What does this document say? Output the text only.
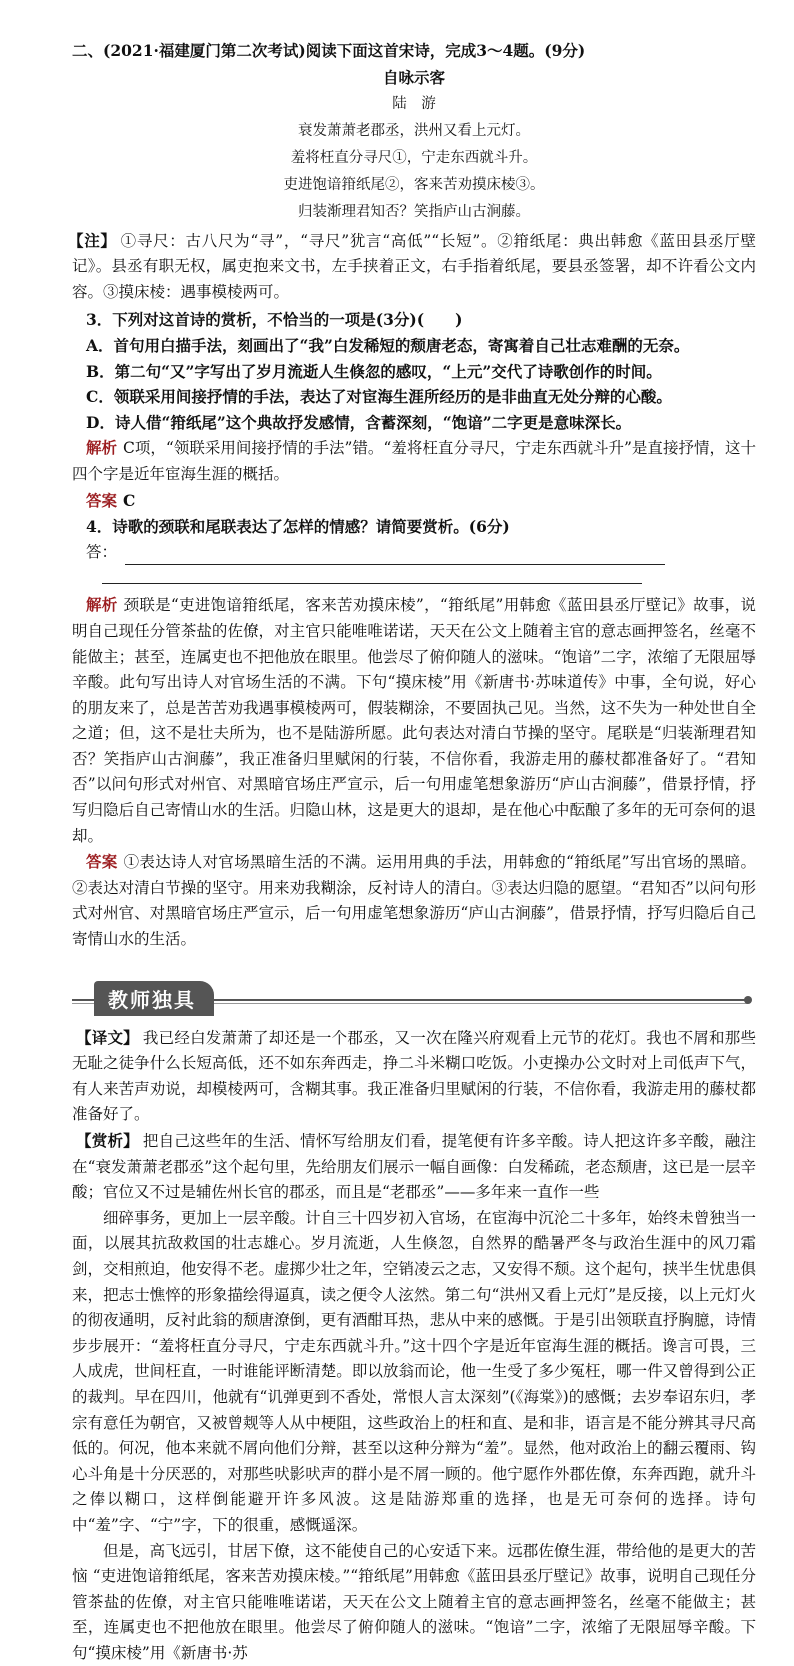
二、(2021·福建厦门第二次考试)阅读下面这首宋诗，完成3～4题。(9分)

自咏示客

陆　游

衰发萧萧老郡丞，洪州又看上元灯。

羞将枉直分寻尺①，宁走东西就斗升。

吏进饱谙箝纸尾②，客来苦劝摸床棱③。

归装渐理君知否？笑指庐山古涧藤。

【注】 ①寻尺：古八尺为“寻”，“寻尺”犹言“高低”“长短”。②箝纸尾：典出韩愈《蓝田县丞厅壁记》。县丞有职无权，属吏抱来文书，左手挟着正文，右手指着纸尾，要县丞签署，却不许看公文内容。③摸床棱：遇事模棱两可。

3．下列对这首诗的赏析，不恰当的一项是(3分)(　　)

A．首句用白描手法，刻画出了“我”白发稀短的颓唐老态，寄寓着自己壮志难酬的无奈。

B．第二句“又”字写出了岁月流逝人生倏忽的感叹，“上元”交代了诗歌创作的时间。

C．领联采用间接抒情的手法，表达了对宦海生涯所经历的是非曲直无处分辩的心酸。

D．诗人借“箝纸尾”这个典故抒发感情，含蓄深刻，“饱谙”二字更是意味深长。

解析 C项，“领联采用间接抒情的手法”错。“羞将枉直分寻尺，宁走东西就斗升”是直接抒情，这十四个字是近年宦海生涯的概括。

答案 C

4．诗歌的颈联和尾联表达了怎样的情感？请简要赏析。(6分)

答：

解析 颈联是“吏进饱谙箝纸尾，客来苦劝摸床棱”，“箝纸尾”用韩愈《蓝田县丞厅壁记》故事，说明自己现任分管茶盐的佐僚，对主官只能唯唯诺诺，天天在公文上随着主官的意志画押签名，丝毫不能做主；甚至，连属吏也不把他放在眼里。他尝尽了俯仰随人的滋味。“饱谙”二字，浓缩了无限屈辱辛酸。此句写出诗人对官场生活的不满。下句“摸床棱”用《新唐书·苏味道传》中事，全句说，好心的朋友来了，总是苦苦劝我遇事模棱两可，假装糊涂，不要固执己见。当然，这不失为一种处世自全之道；但，这不是壮夫所为，也不是陆游所愿。此句表达对清白节操的坚守。尾联是“归装渐理君知否？笑指庐山古涧藤”，我正准备归里赋闲的行装，不信你看，我游走用的藤杖都准备好了。“君知否”以问句形式对州官、对黑暗官场庄严宣示，后一句用虚笔想象游历“庐山古涧藤”，借景抒情，抒写归隐后自己寄情山水的生活。归隐山林，这是更大的退却，是在他心中酝酿了多年的无可奈何的退却。

答案 ①表达诗人对官场黑暗生活的不满。运用用典的手法，用韩愈的“箝纸尾”写出官场的黑暗。②表达对清白节操的坚守。用来劝我糊涂，反衬诗人的清白。③表达归隐的愿望。“君知否”以问句形式对州官、对黑暗官场庄严宣示，后一句用虚笔想象游历“庐山古涧藤”，借景抒情，抒写归隐后自己寄情山水的生活。

教师独具

【译文】 我已经白发萧萧了却还是一个郡丞，又一次在隆兴府观看上元节的花灯。我也不屑和那些无耻之徒争什么长短高低，还不如东奔西走，挣二斗米糊口吃饭。小吏操办公文时对上司低声下气，有人来苦声劝说，却模棱两可，含糊其事。我正准备归里赋闲的行装，不信你看，我游走用的藤杖都准备好了。

【赏析】 把自己这些年的生活、情怀写给朋友们看，提笔便有许多辛酸。诗人把这许多辛酸，融注在“衰发萧萧老郡丞”这个起句里，先给朋友们展示一幅自画像：白发稀疏，老态颓唐，这已是一层辛酸；官位又不过是辅佐州长官的郡丞，而且是“老郡丞”——多年来一直作一些

细碎事务，更加上一层辛酸。计自三十四岁初入官场，在宦海中沉沦二十多年，始终未曾独当一面，以展其抗敌救国的壮志雄心。岁月流逝，人生倏忽，自然界的酷暑严冬与政治生涯中的风刀霜剑，交相煎迫，他安得不老。虚掷少壮之年，空销凌云之志，又安得不颓。这个起句，挟半生忧患俱来，把志士憔悴的形象描绘得逼真，读之便令人泫然。第二句“洪州又看上元灯”是反接，以上元灯火的彻夜通明，反衬此翁的颓唐潦倒，更有酒酣耳热，悲从中来的感慨。于是引出领联直抒胸臆，诗情步步展开：“羞将枉直分寻尺，宁走东西就斗升。”这十四个字是近年宦海生涯的概括。谗言可畏，三人成虎，世间枉直，一时谁能评断清楚。即以放翁而论，他一生受了多少冤枉，哪一件又曾得到公正的裁判。早在四川，他就有“讥弹更到不香处，常恨人言太深刻”(《海棠》)的感慨；去岁奉诏东归，孝宗有意任为朝官，又被曾觌等人从中梗阻，这些政治上的枉和直、是和非，语言是不能分辨其寻尺高低的。何况，他本来就不屑向他们分辩，甚至以这种分辩为“羞”。显然，他对政治上的翻云覆雨、钩心斗角是十分厌恶的，对那些吠影吠声的群小是不屑一顾的。他宁愿作外郡佐僚，东奔西跑，就升斗之俸以糊口，这样倒能避开许多风波。这是陆游郑重的选择，也是无可奈何的选择。诗句中“羞”字、“宁”字，下的很重，感慨遥深。

但是，高飞远引，甘居下僚，这不能使自己的心安适下来。远郡佐僚生涯，带给他的是更大的苦恼 “吏进饱谙箝纸尾，客来苦劝摸床棱。”“箝纸尾”用韩愈《蓝田县丞厅壁记》故事，说明自己现任分管茶盐的佐僚，对主官只能唯唯诺诺，天天在公文上随着主官的意志画押签名，丝毫不能做主；甚至，连属吏也不把他放在眼里。他尝尽了俯仰随人的滋味。“饱谙”二字，浓缩了无限屈辱辛酸。下句“摸床棱”用《新唐书·苏
